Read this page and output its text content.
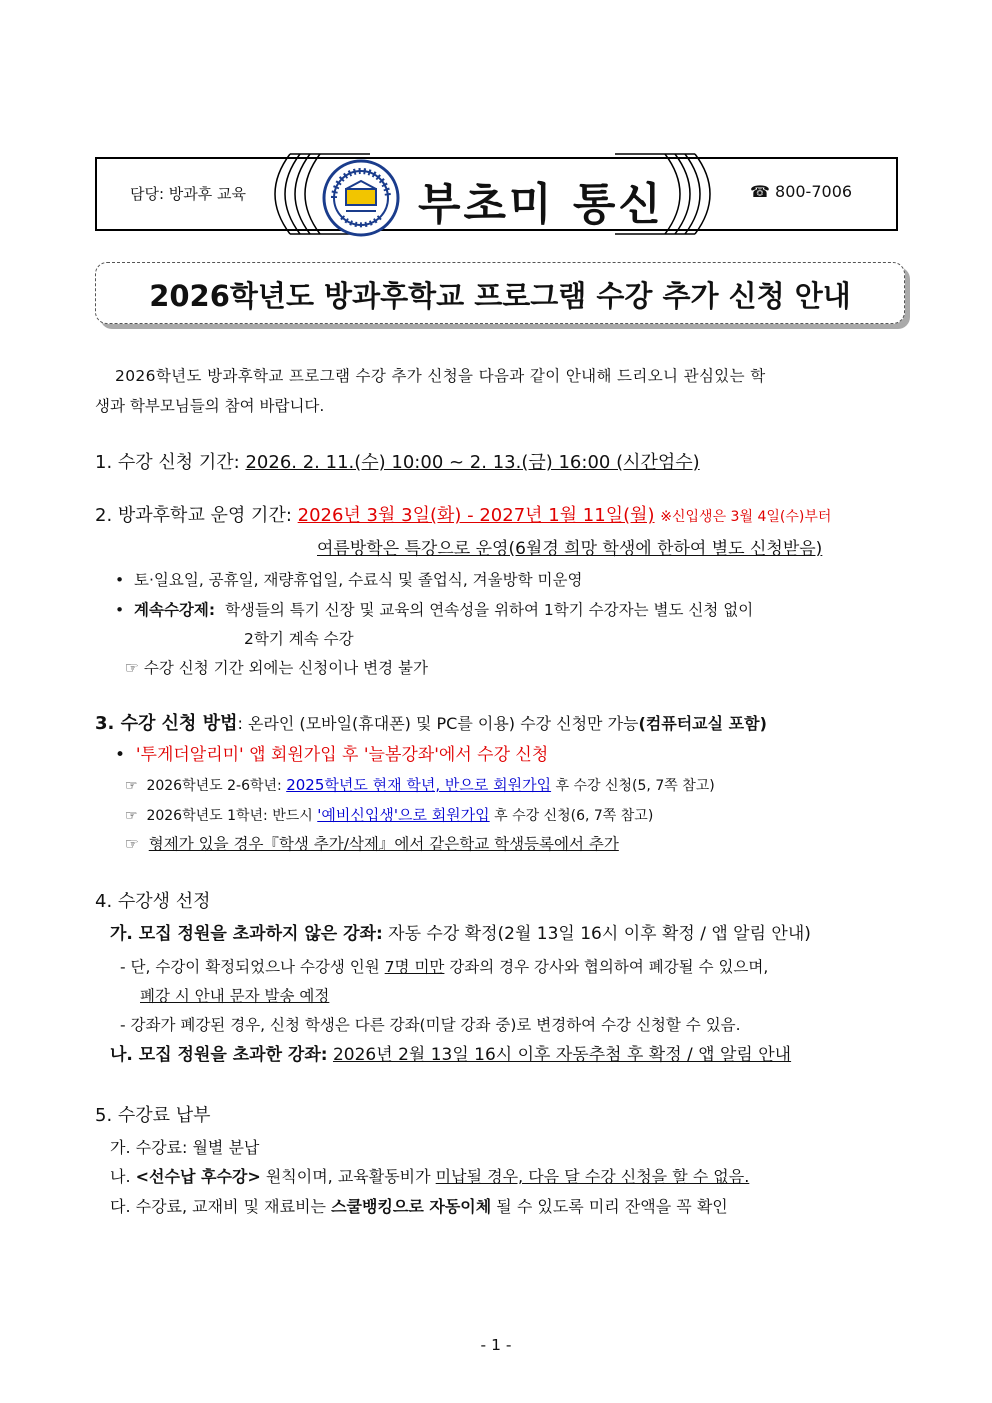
담당: 방과후 교육	부초미 통신	☎ 800-7006
2026학년도 방과후학교 프로그램 수강 추가 신청 안내
2026학년도 방과후학교 프로그램 수강 추가 신청을 다음과 같이 안내해 드리오니 관심있는 학
생과 학부모님들의 참여 바랍니다.
1. 수강 신청 기간: 2026. 2. 11.(수) 10:00 ~ 2. 13.(금) 16:00 (시간엄수)
2. 방과후학교 운영 기간: 2026년 3월 3일(화) - 2027년 1월 11일(월) ※신입생은 3월 4일(수)부터
여름방학은 특강으로 운영(6월경 희망 학생에 한하여 별도 신청받음)
•  토·일요일, 공휴일, 재량휴업일, 수료식 및 졸업식, 겨울방학 미운영
•  계속수강제: 학생들의 특기 신장 및 교육의 연속성을 위하여 1학기 수강자는 별도 신청 없이
2학기 계속 수강
☞ 수강 신청 기간 외에는 신청이나 변경 불가
3. 수강 신청 방법: 온라인 (모바일(휴대폰) 및 PC를 이용) 수강 신청만 가능(컴퓨터교실 포함)
•  '투게더알리미' 앱 회원가입 후 '늘봄강좌'에서 수강 신청
☞  2026학년도 2-6학년: 2025학년도 현재 학년, 반으로 회원가입 후 수강 신청(5, 7쪽 참고)
☞  2026학년도 1학년: 반드시 '예비신입생'으로 회원가입 후 수강 신청(6, 7쪽 참고)
☞  형제가 있을 경우『학생 추가/삭제』에서 같은학교 학생등록에서 추가
4. 수강생 선정
가. 모집 정원을 초과하지 않은 강좌: 자동 수강 확정(2월 13일 16시 이후 확정 / 앱 알림 안내)
- 단, 수강이 확정되었으나 수강생 인원 7명 미만 강좌의 경우 강사와 협의하여 폐강될 수 있으며,
폐강 시 안내 문자 발송 예정
- 강좌가 폐강된 경우, 신청 학생은 다른 강좌(미달 강좌 중)로 변경하여 수강 신청할 수 있음.
나. 모집 정원을 초과한 강좌: 2026년 2월 13일 16시 이후 자동추첨 후 확정 / 앱 알림 안내
5. 수강료 납부
가. 수강료: 월별 분납
나. <선수납 후수강> 원칙이며, 교육활동비가 미납될 경우, 다음 달 수강 신청을 할 수 없음.
다. 수강료, 교재비 및 재료비는 스쿨뱅킹으로 자동이체 될 수 있도록 미리 잔액을 꼭 확인
- 1 -
